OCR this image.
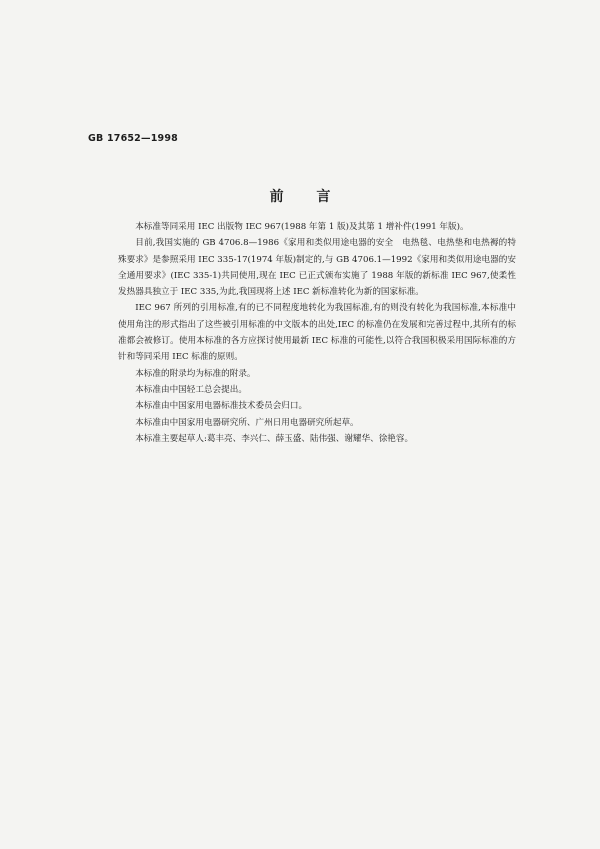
GB 17652—1998
前 言

本标准等同采用 IEC 出版物 IEC 967(1988 年第 1 版)及其第 1 增补件(1991 年版)。

目前,我国实施的 GB 4706.8—1986《家用和类似用途电器的安全　电热毯、电热垫和电热褥的特殊要求》是参照采用 IEC 335-17(1974 年版)制定的,与 GB 4706.1—1992《家用和类似用途电器的安全通用要求》(IEC 335-1)共同使用,现在 IEC 已正式颁布实施了 1988 年版的新标准 IEC 967,使柔性发热器具独立于 IEC 335,为此,我国现将上述 IEC 新标准转化为新的国家标准。

IEC 967 所列的引用标准,有的已不同程度地转化为我国标准,有的则没有转化为我国标准,本标准中使用角注的形式指出了这些被引用标准的中文版本的出处,IEC 的标准仍在发展和完善过程中,其所有的标准都会被修订。使用本标准的各方应探讨使用最新 IEC 标准的可能性,以符合我国积极采用国际标准的方针和等同采用 IEC 标准的原则。

本标准的附录均为标准的附录。

本标准由中国轻工总会提出。

本标准由中国家用电器标准技术委员会归口。

本标准由中国家用电器研究所、广州日用电器研究所起草。

本标准主要起草人:葛丰亮、李兴仁、薛玉盛、陆伟强、谢耀华、徐艳容。
